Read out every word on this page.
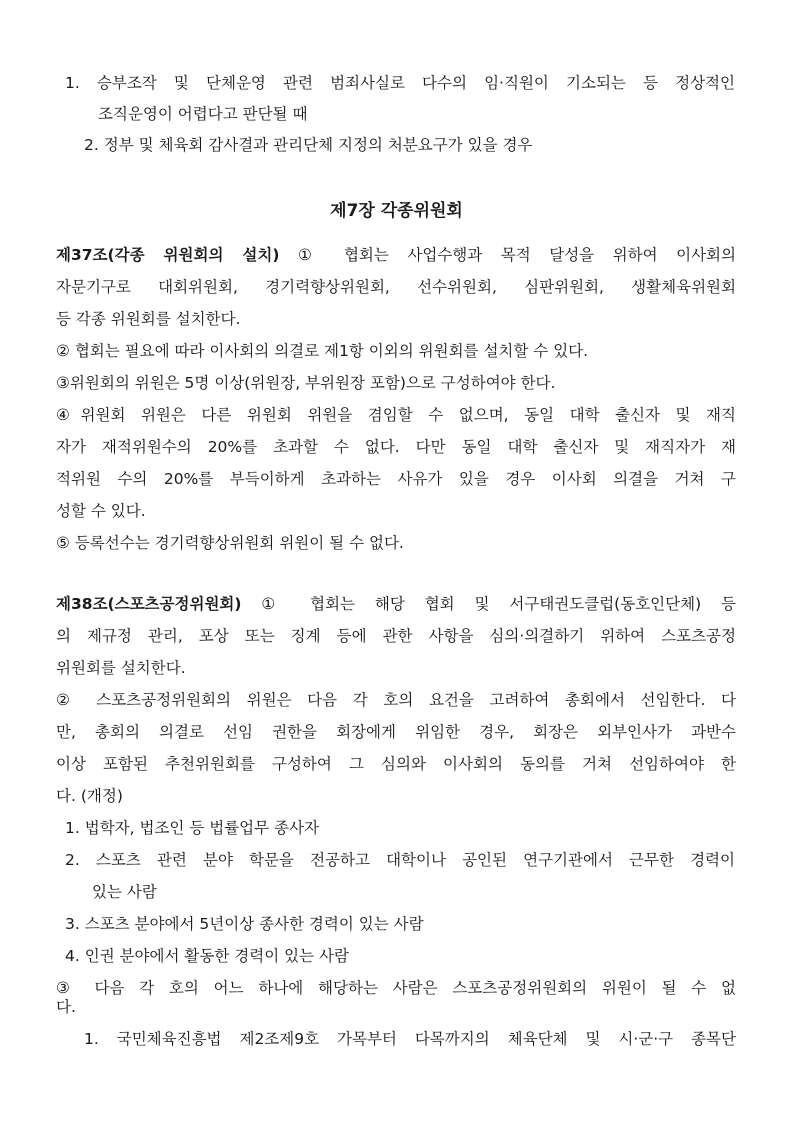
1. 승부조작 및 단체운영 관련 범죄사실로 다수의 임·직원이 기소되는 등 정상적인
조직운영이 어렵다고 판단될 때
2. 정부 및 체육회 감사결과 관리단체 지정의 처분요구가 있을 경우
제7장 각종위원회
제37조(각종 위원회의 설치) ① 협회는 사업수행과 목적 달성을 위하여 이사회의
자문기구로 대회위원회, 경기력향상위원회, 선수위원회, 심판위원회, 생활체육위원회
등 각종 위원회를 설치한다.
② 협회는 필요에 따라 이사회의 의결로 제1항 이외의 위원회를 설치할 수 있다.
③위원회의 위원은 5명 이상(위원장, 부위원장 포함)으로 구성하여야 한다.
④위원회 위원은 다른 위원회 위원을 겸임할 수 없으며, 동일 대학 출신자 및 재직
자가 재적위원수의 20%를 초과할 수 없다. 다만 동일 대학 출신자 및 재직자가 재
적위원 수의 20%를 부득이하게 초과하는 사유가 있을 경우 이사회 의결을 거쳐 구
성할 수 있다.
⑤ 등록선수는 경기력향상위원회 위원이 될 수 없다.
제38조(스포츠공정위원회) ① 협회는 해당 협회 및 서구태권도클럽(동호인단체) 등
의 제규정 관리, 포상 또는 징계 등에 관한 사항을 심의·의결하기 위하여 스포츠공정
위원회를 설치한다.
② 스포츠공정위원회의 위원은 다음 각 호의 요건을 고려하여 총회에서 선임한다. 다
만, 총회의 의결로 선임 권한을 회장에게 위임한 경우, 회장은 외부인사가 과반수
이상 포함된 추천위원회를 구성하여 그 심의와 이사회의 동의를 거쳐 선임하여야 한
다. (개정)
1. 법학자, 법조인 등 법률업무 종사자
2. 스포츠 관련 분야 학문을 전공하고 대학이나 공인된 연구기관에서 근무한 경력이
있는 사람
3. 스포츠 분야에서 5년이상 종사한 경력이 있는 사람
4. 인권 분야에서 활동한 경력이 있는 사람
③ 다음 각 호의 어느 하나에 해당하는 사람은 스포츠공정위원회의 위원이 될 수 없
다.
1. 국민체육진흥법 제2조제9호 가목부터 다목까지의 체육단체 및 시·군·구 종목단
